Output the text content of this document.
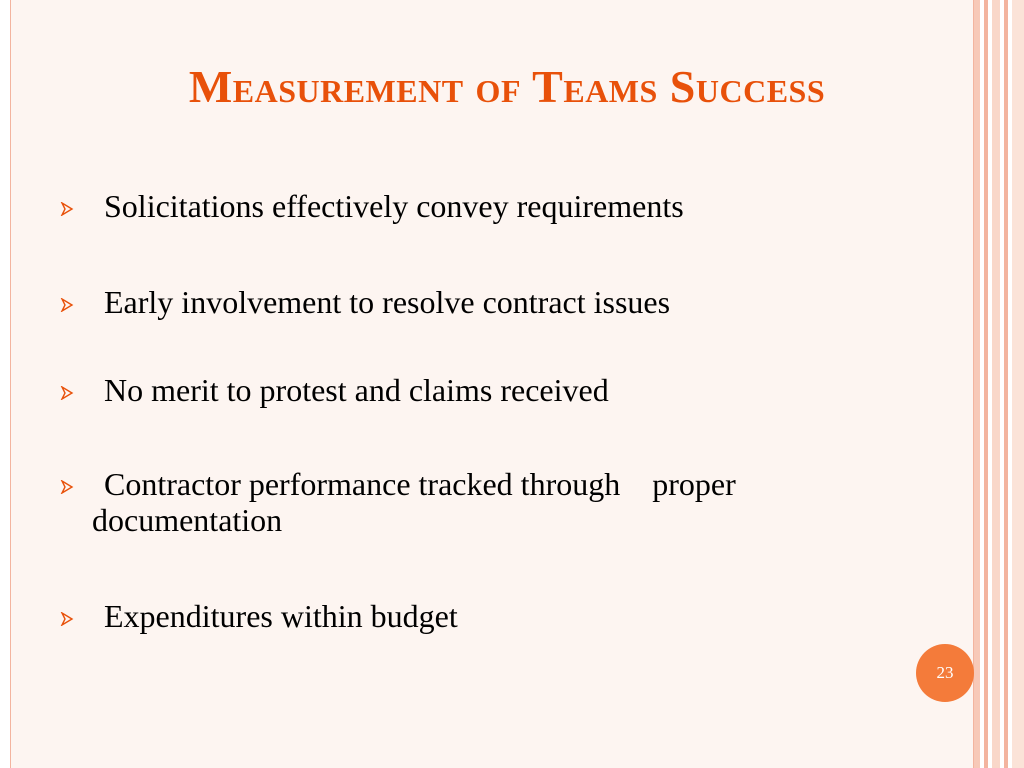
Measurement of Teams Success
Solicitations effectively convey requirements
Early involvement to resolve contract issues
No merit to protest and claims received
Contractor performance tracked through    proper
documentation
Expenditures within budget
23
